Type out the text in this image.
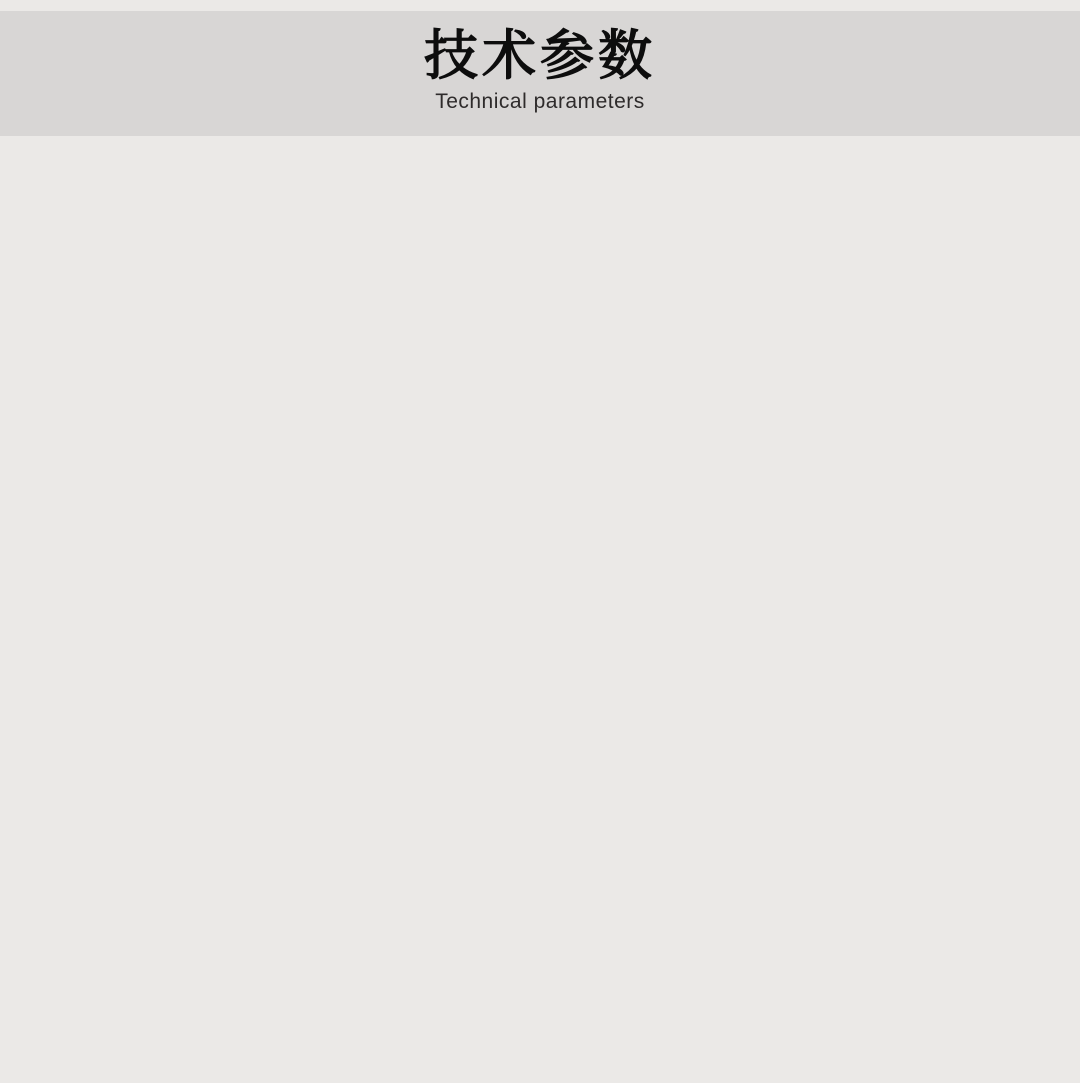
技术参数
Technical parameters
